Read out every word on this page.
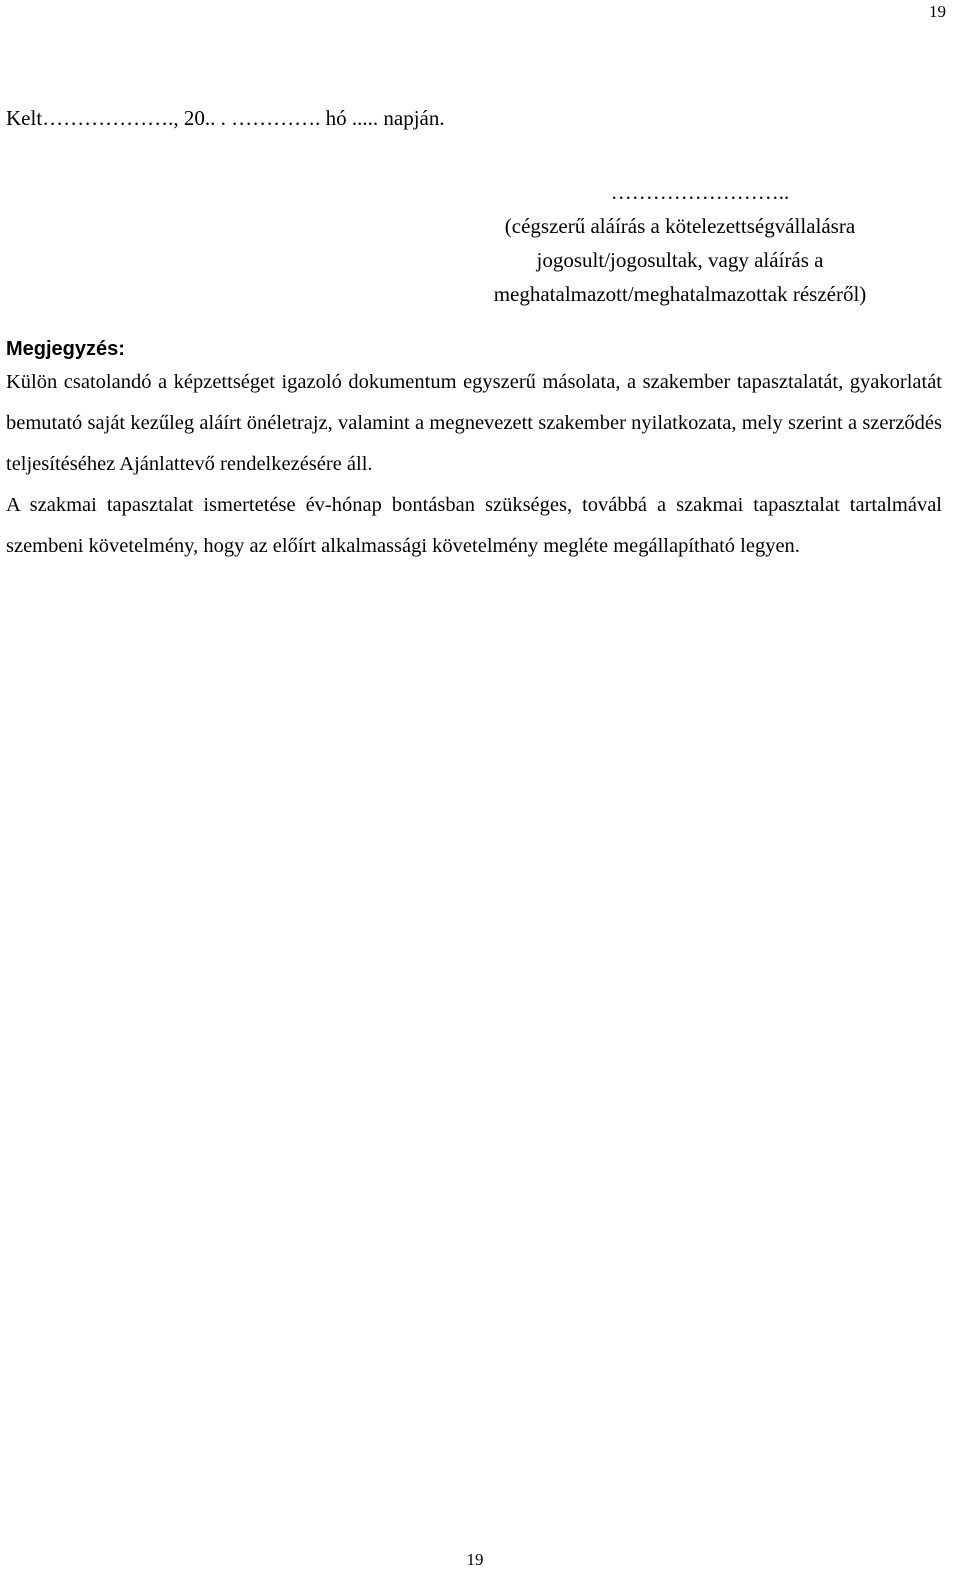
19
Kelt………………., 20.. . …………. hó ..... napján.
……………………..
(cégszerű aláírás a kötelezettségvállalásra
jogosult/jogosultak, vagy aláírás a
meghatalmazott/meghatalmazottak részéről)
Megjegyzés:

Külön csatolandó a képzettséget igazoló dokumentum egyszerű másolata, a szakember tapasztalatát, gyakorlatát bemutató saját kezűleg aláírt önéletrajz, valamint a megnevezett szakember nyilatkozata, mely szerint a szerződés teljesítéséhez Ajánlattevő rendelkezésére áll.

A szakmai tapasztalat ismertetése év-hónap bontásban szükséges, továbbá a szakmai tapasztalat tartalmával szembeni követelmény, hogy az előírt alkalmassági követelmény megléte megállapítható legyen.

19
